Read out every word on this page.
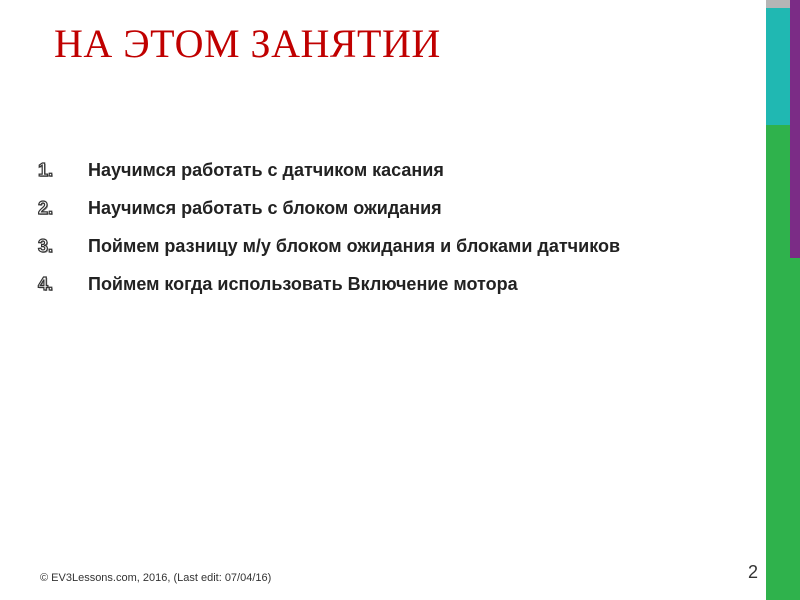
НА ЭТОМ ЗАНЯТИИ
1.	Научимся работать с датчиком касания
2.	Научимся работать с блоком ожидания
3.	Поймем разницу м/у блоком ожидания и блоками датчиков
4.	Поймем когда использовать Включение мотора
© EV3Lessons.com, 2016, (Last edit: 07/04/16)	2
